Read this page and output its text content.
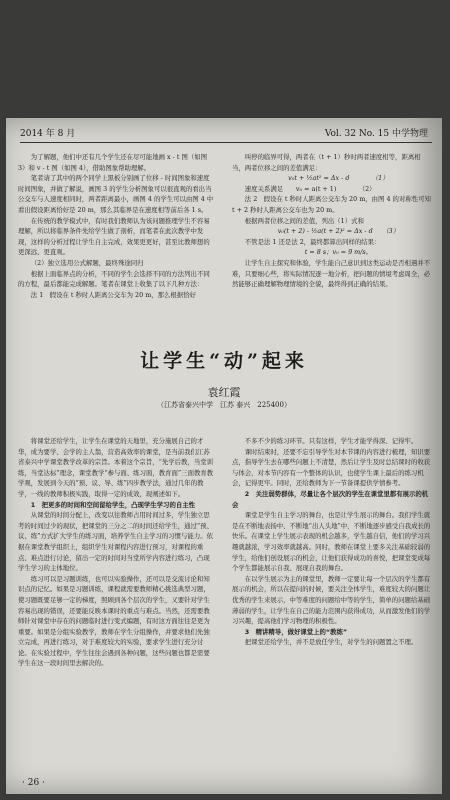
2014 年 8 月	Vol. 32 No. 15 中学物理

为了解题，他们中还有几个学生还在尽可能地画 x - t 图（如图 3）和 v - t 图（如图 4），借助图象帮助理解。

笔者请了其中的两个同学上黑板分别画了位移 - 时间图象和速度时间图象，并做了解说，画图 3 的学生分析图象可以很直观的看出当公交车与人速度相同时，两者距离最小，画图 4 的学生可以由图 4 中看出假设距离恰好是 20 m，那么其临界是在速度相等前后各 1 s。

在传统的教学模式中，有时我们教师认为该问题推理学生不容易理解，所以将临界条件先给学生做了剖析，而笔者在此次教学中发现，这样的分析过程让学生自主完成，效果更更好，甚至比教师想的更深远、更直观。

（2）独立选用公式解题，最终殊途同归

根据上面临界点的分析，不同的学生会选择不同的方法列出不同的方程，最后都能完成解题。笔者在课堂上收集了以下几种方法：

法 1　假设在 t 秒时人距离公交车为 20 m，那么根据恰好

叫停的临界可得，两者在（t + 1）秒时两者速度相等，距离相当，两者位移之间的差值满足：

v₀t + ½at² = Δx - d　　　　（1）

速度关系满足　　v₀ = a(t + 1)　　　　（2）

法 2　假设在 t 秒时人距离公交车为 20 m，由图 4 的对称性可知 t + 2 秒时人距离公交车也为 20 m。

根据两者位移之间的差值，列出（1）式和

v₀(t + 2) - ½a(t + 2)² = Δx - d　　（3）

不管是法 1 还是法 2，最终都算出同样的结果：

t = 8 s；v₀ = 9 m/s。

让学生自主探究和体验，学生能自己意识到这类运动是否相遇并不难，只要细心些，将实际情况逐一地分析，把问题的情境考虑周全，必然能够正确理解物理情境的全貌，最终得到正确的结果。

让学生“动”起来
袁红霞
（江苏省泰兴中学　江苏 泰兴　225400）

将课堂还给学生，让学生在课堂的天地里，充分施展自己的才华，成为要学、会学的主人翁，营造高效率的课堂，是当前我们江苏省泰兴中学课堂教学改革的宗旨。本着这个宗旨，“先学后教，当堂训练，当堂达标”理念，课堂教学“参与面、练习面，教育面”三面教育教学观，发展到今天的“预、议、导、练”四步教学法，通过几年的教学，一线的教师积极实践，取得一定的成效，现阐述如下。

1　把更多的时间和空间留给学生，凸现学生学习的自主性

从课堂的时间分配上，改变以往教师占用时间过多，学生独立思考的时间过少的现状，把课堂的三分之二的时间还给学生，通过“预、议、练”方式扩大学生的练习面，培养学生自主学习的习惯与能力。依据在课堂教学组织上，组织学生对课程内容进行预习，对课程的重点、难点进行讨论，留出一定的时间对当堂所学内容进行练习，凸现学生学习的主体地位。

练习可以是习题训练，也可以实验操作，还可以是交流讨论和知识点的记忆。如果是习题训练，课程就需要教师精心挑选典型习题，使习题既要足够一定的梯度，照顾到各个层次的学生，又要针对学生容易出现的错误，还要能反映本课时的重点与难点。当然，还需要教师针对课堂中存在的问题临时进行变式编题，有时这方面往往是更为重要。如果是分组实验教学，教师在学生分组操作，并要求他们先独立完成，再进行练习，对于难度较大的实验，要求学生进行充分讨论。在实验过程中，学生往往会遇到各种问题，这些问题也都是需要学生在这一段时间里去解决的。

不多不少的练习环节。只有这样，学生才能学得深、记得牢。

课时结束时，还要不忘引导学生对本节课的内容进行梳理，知识要点，指导学生去在哪些问题上不清楚，然后让学生及时总结课时的收获与体会，对本节内容有一个整体的认识，也使学生课上最后的练习机会，记得更牢。同时，还给教师为下一节备课提供学情参考。

2　关注弱势群体，尽量让各个层次的学生在课堂里都有展示的机会

课堂是学生自主学习的舞台，也是让学生展示的舞台。我们学生就是在不断地表扬中、不断地“出人头地”中，不断地逐步感受自我成长的快乐。在课堂上学生展示表现的机会越多，学生越自信，他们的学习兴趣就越浓，学习效率就越高。同时，教师在课堂上要多关注基础较弱的学生，给他们创设展示的机会，让他们获得成功的喜悦，把课堂变成每个学生都能展示自我、展现自我的舞台。

在以学生展示为主的课堂里，教师一定要让每一个层次的学生都有展示的机会，所以在提问的时候，要关注全体学生，难度较大的问题让优秀的学生来展示，中等难度的问题给中等的学生，简单的问题给基础薄弱的学生，让学生在自己的能力范围内获得成功，从而激发他们的学习兴趣，提高他们学习物理的积极性。

3　精讲精导，做好课堂上的“教练”

把课堂还给学生，并不是放任学生，对学生的问题置之不理。

· 26 ·
